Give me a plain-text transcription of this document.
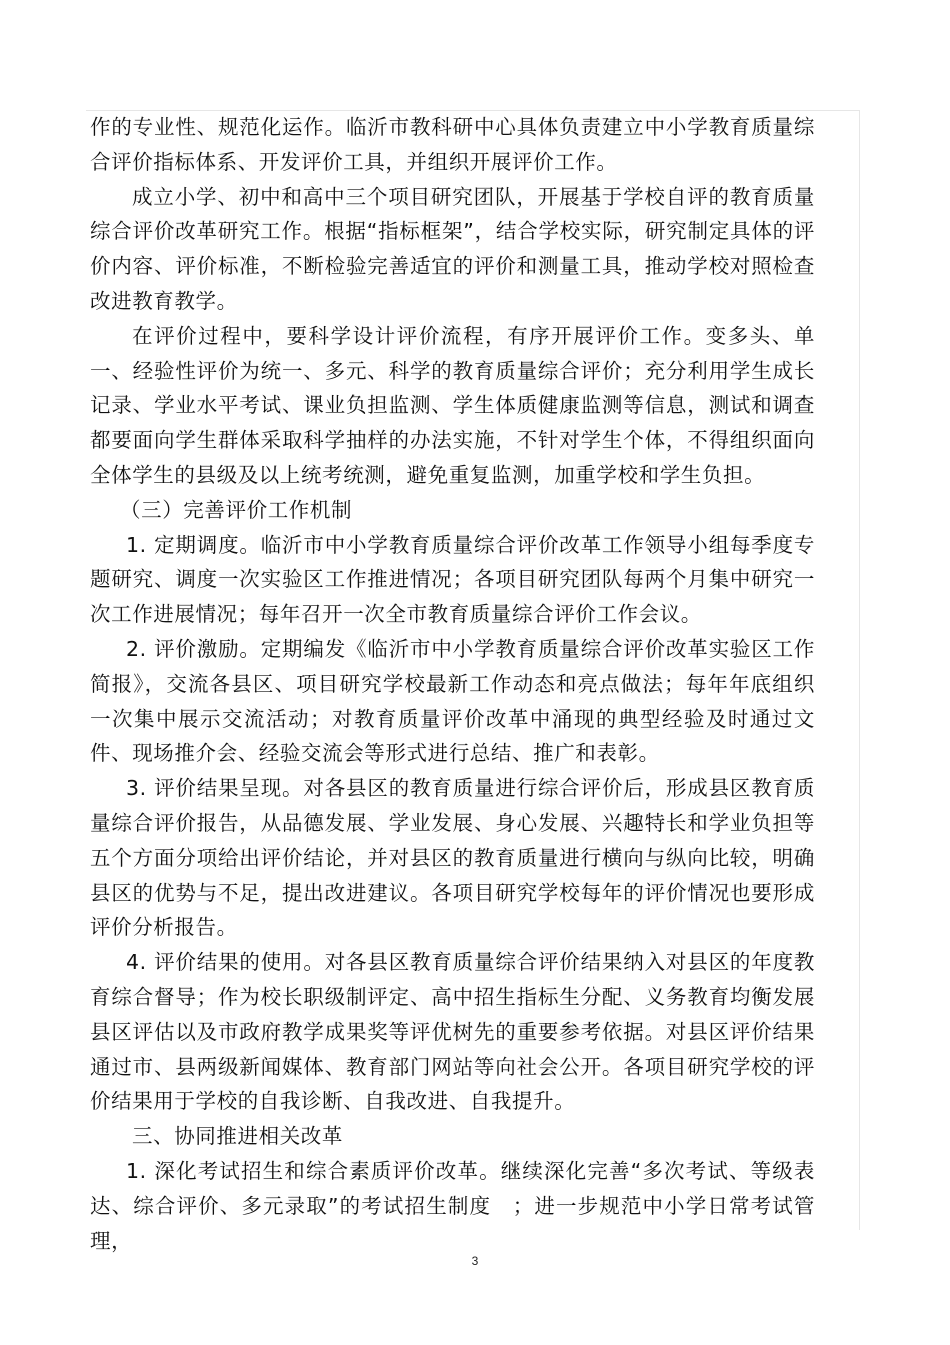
作的专业性、规范化运作。临沂市教科研中心具体负责建立中小学教育质量综合评价指标体系、开发评价工具，并组织开展评价工作。

成立小学、初中和高中三个项目研究团队，开展基于学校自评的教育质量综合评价改革研究工作。根据“指标框架”，结合学校实际，研究制定具体的评价内容、评价标准，不断检验完善适宜的评价和测量工具，推动学校对照检查改进教育教学。

在评价过程中，要科学设计评价流程，有序开展评价工作。变多头、单一、经验性评价为统一、多元、科学的教育质量综合评价；充分利用学生成长记录、学业水平考试、课业负担监测、学生体质健康监测等信息，测试和调查都要面向学生群体采取科学抽样的办法实施，不针对学生个体，不得组织面向全体学生的县级及以上统考统测，避免重复监测，加重学校和学生负担。

（三）完善评价工作机制

1. 定期调度。临沂市中小学教育质量综合评价改革工作领导小组每季度专题研究、调度一次实验区工作推进情况；各项目研究团队每两个月集中研究一次工作进展情况；每年召开一次全市教育质量综合评价工作会议。

2. 评价激励。定期编发《临沂市中小学教育质量综合评价改革实验区工作简报》，交流各县区、项目研究学校最新工作动态和亮点做法；每年年底组织一次集中展示交流活动；对教育质量评价改革中涌现的典型经验及时通过文件、现场推介会、经验交流会等形式进行总结、推广和表彰。

3. 评价结果呈现。对各县区的教育质量进行综合评价后，形成县区教育质量综合评价报告，从品德发展、学业发展、身心发展、兴趣特长和学业负担等五个方面分项给出评价结论，并对县区的教育质量进行横向与纵向比较，明确县区的优势与不足，提出改进建议。各项目研究学校每年的评价情况也要形成评价分析报告。

4. 评价结果的使用。对各县区教育质量综合评价结果纳入对县区的年度教育综合督导；作为校长职级制评定、高中招生指标生分配、义务教育均衡发展县区评估以及市政府教学成果奖等评优树先的重要参考依据。对县区评价结果通过市、县两级新闻媒体、教育部门网站等向社会公开。各项目研究学校的评价结果用于学校的自我诊断、自我改进、自我提升。

三、协同推进相关改革

1. 深化考试招生和综合素质评价改革。继续深化完善“多次考试、等级表达、综合评价、多元录取”的考试招生制度　；进一步规范中小学日常考试管理，

3
